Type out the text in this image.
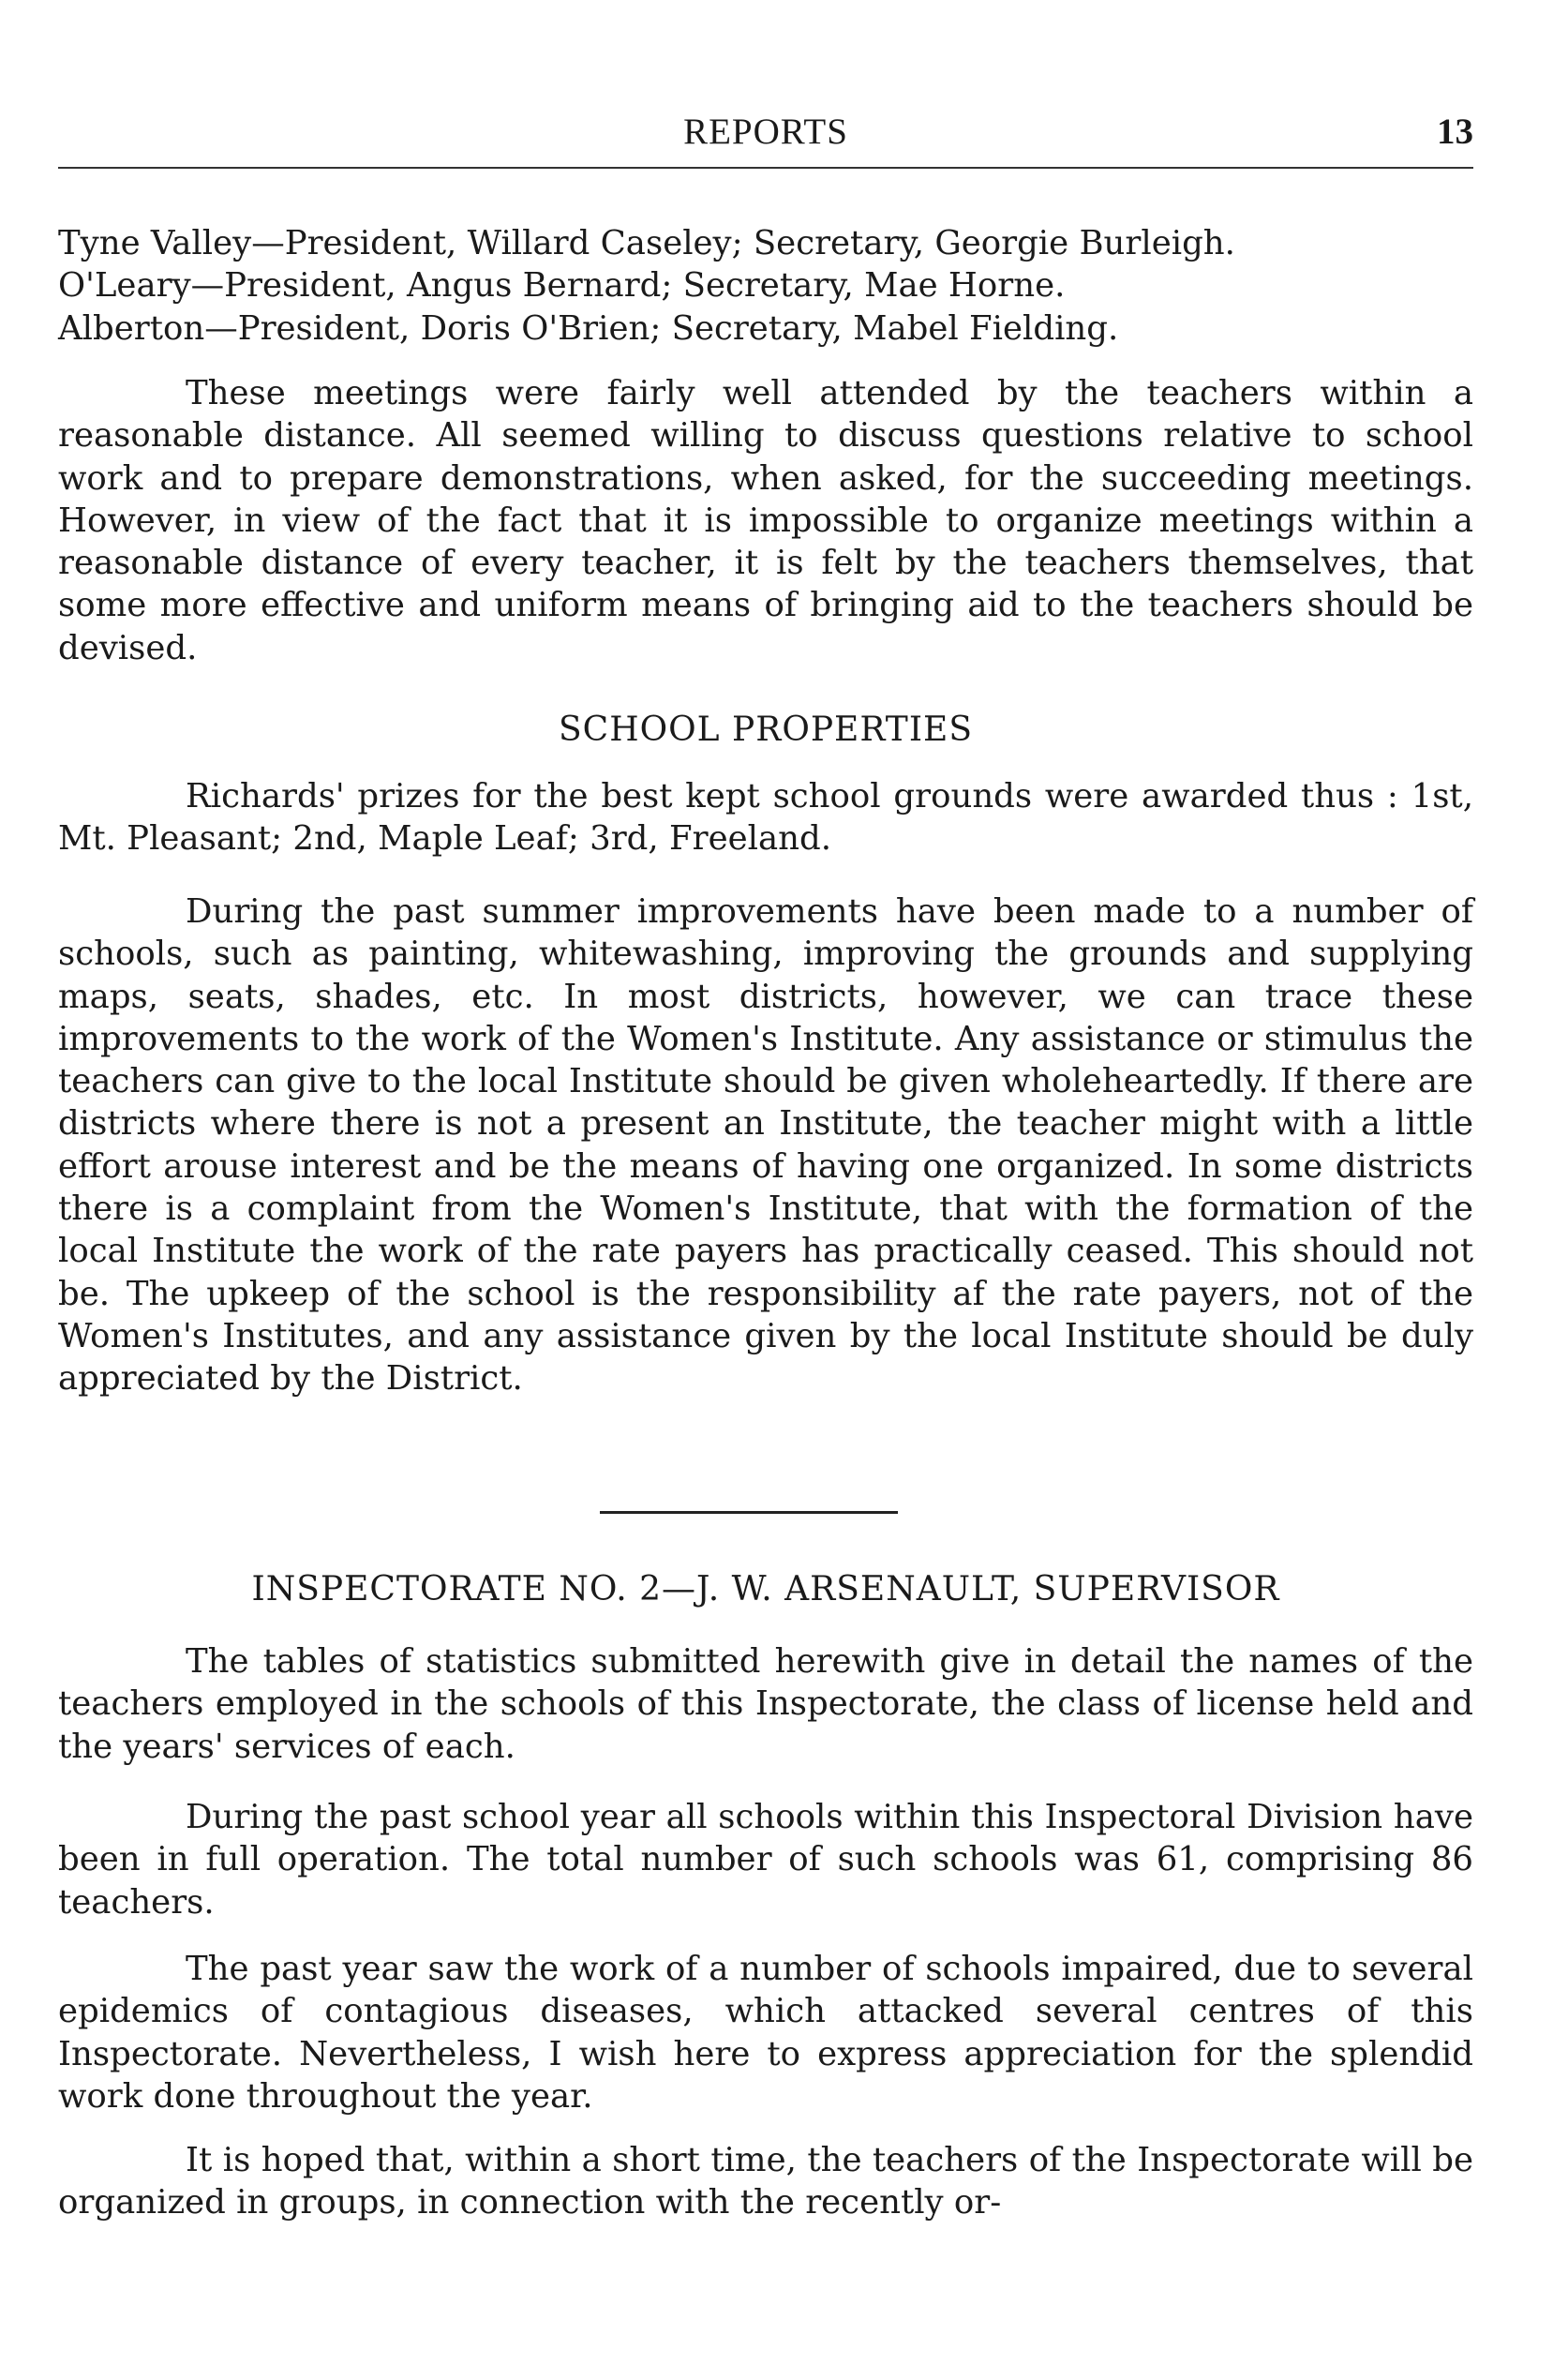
REPORTS	13

Tyne Valley—President, Willard Caseley; Secretary, Georgie Burleigh.

O'Leary—President, Angus Bernard; Secretary, Mae Horne.

Alberton—President, Doris O'Brien; Secretary, Mabel Fielding.

These meetings were fairly well attended by the teachers within a reasonable distance. All seemed willing to discuss questions relative to school work and to prepare demonstrations, when asked, for the succeeding meetings. However, in view of the fact that it is impossible to organize meetings within a reasonable distance of every teacher, it is felt by the teachers themselves, that some more effective and uniform means of bringing aid to the teachers should be devised.

SCHOOL PROPERTIES

Richards' prizes for the best kept school grounds were awarded thus : 1st, Mt. Pleasant; 2nd, Maple Leaf; 3rd, Freeland.

During the past summer improvements have been made to a number of schools, such as painting, whitewashing, improving the grounds and supplying maps, seats, shades, etc. In most districts, however, we can trace these improvements to the work of the Women's Institute. Any assistance or stimulus the teachers can give to the local Institute should be given wholeheartedly. If there are districts where there is not a present an Institute, the teacher might with a little effort arouse interest and be the means of having one organized. In some districts there is a complaint from the Women's Institute, that with the formation of the local Institute the work of the rate payers has practically ceased. This should not be. The upkeep of the school is the responsibility af the rate payers, not of the Women's Institutes, and any assistance given by the local Institute should be duly appreciated by the District.

INSPECTORATE NO. 2—J. W. ARSENAULT, SUPERVISOR

The tables of statistics submitted herewith give in detail the names of the teachers employed in the schools of this Inspectorate, the class of license held and the years' services of each.

During the past school year all schools within this Inspectoral Division have been in full operation. The total number of such schools was 61, comprising 86 teachers.

The past year saw the work of a number of schools impaired, due to several epidemics of contagious diseases, which attacked several centres of this Inspectorate. Nevertheless, I wish here to express appreciation for the splendid work done throughout the year.

It is hoped that, within a short time, the teachers of the Inspectorate will be organized in groups, in connection with the recently or-
